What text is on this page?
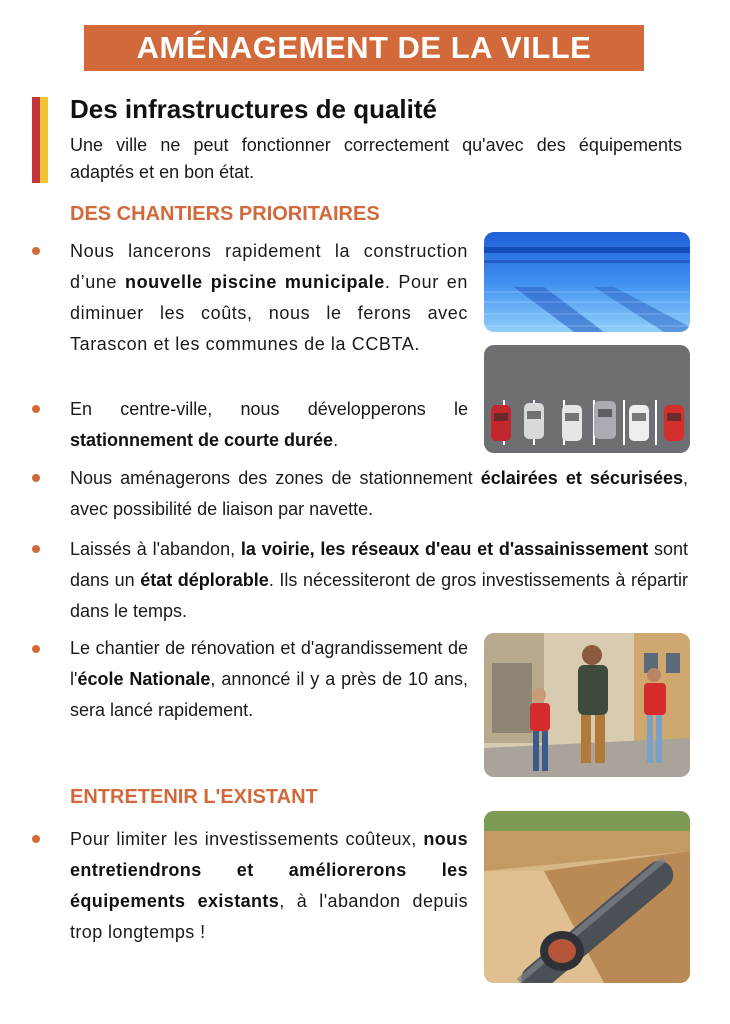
AMÉNAGEMENT DE LA VILLE
Des infrastructures de qualité
Une ville ne peut fonctionner correctement qu'avec des équipements adaptés et en bon état.
DES CHANTIERS PRIORITAIRES
Nous lancerons rapidement la construction d’une nouvelle piscine municipale. Pour en diminuer les coûts, nous le ferons avec Tarascon et les communes de la CCBTA.
En centre-ville, nous développerons le stationnement de courte durée.
Nous aménagerons des zones de stationnement éclairées et sécurisées, avec possibilité de liaison par navette.
Laissés à l'abandon, la voirie, les réseaux d'eau et d'assainissement sont dans un état déplorable. Ils nécessiteront de gros investissements à répartir dans le temps.
Le chantier de rénovation et d'agrandissement de l'école Nationale, annoncé il y a près de 10 ans, sera lancé rapidement.
ENTRETENIR L'EXISTANT
Pour limiter les investissements coûteux, nous entretiendrons et améliorerons les équipements existants, à l'abandon depuis trop longtemps !
